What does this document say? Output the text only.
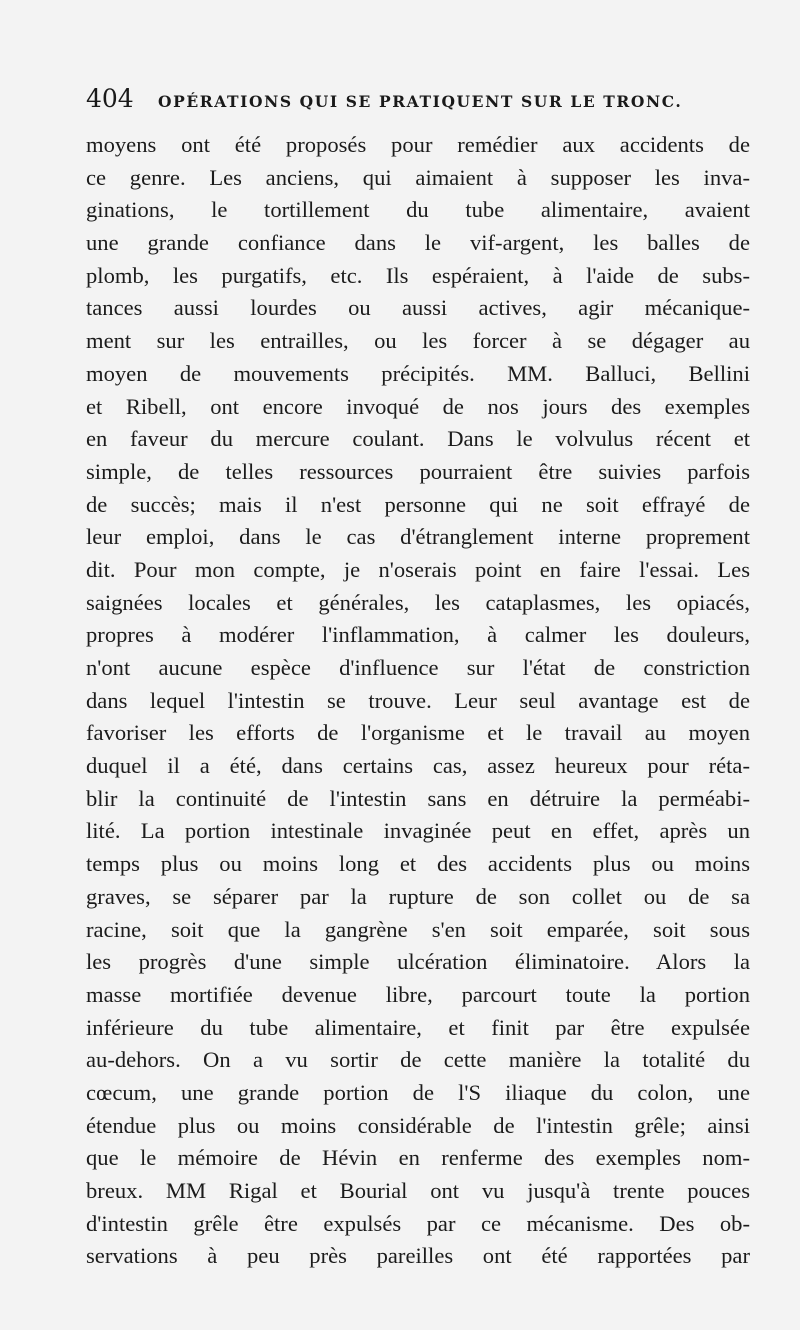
404 OPÉRATIONS QUI SE PRATIQUENT SUR LE TRONC.
moyens ont été proposés pour remédier aux accidents de
ce genre. Les anciens, qui aimaient à supposer les inva-
ginations, le tortillement du tube alimentaire, avaient
une grande confiance dans le vif-argent, les balles de
plomb, les purgatifs, etc. Ils espéraient, à l'aide de subs-
tances aussi lourdes ou aussi actives, agir mécanique-
ment sur les entrailles, ou les forcer à se dégager au
moyen de mouvements précipités. MM. Balluci, Bellini
et Ribell, ont encore invoqué de nos jours des exemples
en faveur du mercure coulant. Dans le volvulus récent et
simple, de telles ressources pourraient être suivies parfois
de succès; mais il n'est personne qui ne soit effrayé de
leur emploi, dans le cas d'étranglement interne proprement
dit. Pour mon compte, je n'oserais point en faire l'essai. Les
saignées locales et générales, les cataplasmes, les opiacés,
propres à modérer l'inflammation, à calmer les douleurs,
n'ont aucune espèce d'influence sur l'état de constriction
dans lequel l'intestin se trouve. Leur seul avantage est de
favoriser les efforts de l'organisme et le travail au moyen
duquel il a été, dans certains cas, assez heureux pour réta-
blir la continuité de l'intestin sans en détruire la perméabi-
lité. La portion intestinale invaginée peut en effet, après un
temps plus ou moins long et des accidents plus ou moins
graves, se séparer par la rupture de son collet ou de sa
racine, soit que la gangrène s'en soit emparée, soit sous
les progrès d'une simple ulcération éliminatoire. Alors la
masse mortifiée devenue libre, parcourt toute la portion
inférieure du tube alimentaire, et finit par être expulsée
au-dehors. On a vu sortir de cette manière la totalité du
cœcum, une grande portion de l'S iliaque du colon, une
étendue plus ou moins considérable de l'intestin grêle; ainsi
que le mémoire de Hévin en renferme des exemples nom-
breux. MM Rigal et Bourial ont vu jusqu'à trente pouces
d'intestin grêle être expulsés par ce mécanisme. Des ob-
servations à peu près pareilles ont été rapportées par
